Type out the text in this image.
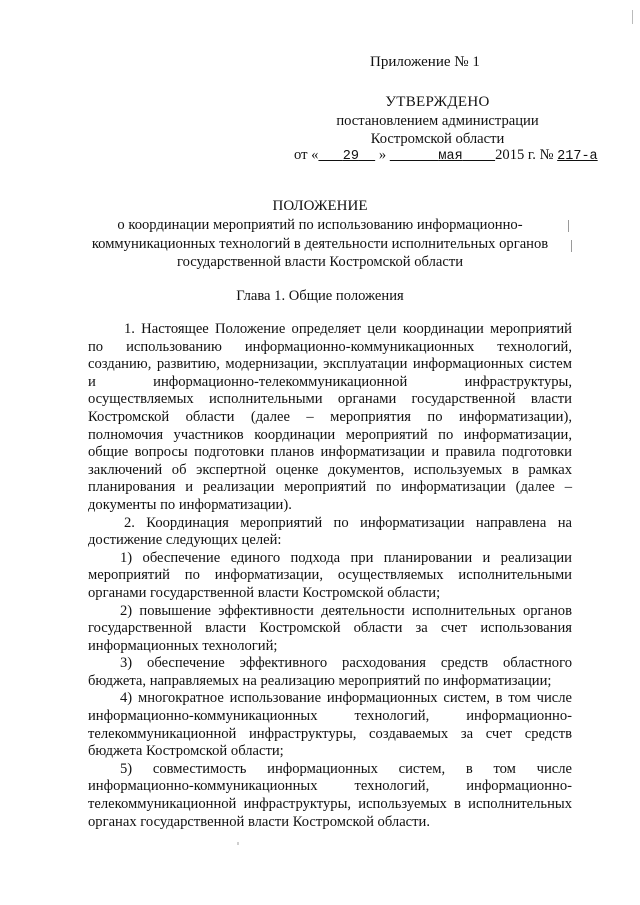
Приложение № 1
УТВЕРЖДЕНО
постановлением администрации
Костромской области
от « 29 »	мая 2015 г. № 217-а
ПОЛОЖЕНИЕ
о координации мероприятий по использованию информационно-
коммуникационных технологий в деятельности исполнительных органов
государственной власти Костромской области
Глава 1. Общие положения

1. Настоящее Положение определяет цели координации мероприятий по использованию информационно-коммуникационных технологий, созданию, развитию, модернизации, эксплуатации информационных систем и информационно-телекоммуникационной инфраструктуры, осуществляемых исполнительными органами государственной власти Костромской области (далее – мероприятия по информатизации), полномочия участников координации мероприятий по информатизации, общие вопросы подготовки планов информатизации и правила подготовки заключений об экспертной оценке документов, используемых в рамках планирования и реализации мероприятий по информатизации (далее – документы по информатизации).

2. Координация мероприятий по информатизации направлена на достижение следующих целей:

1) обеспечение единого подхода при планировании и реализации мероприятий по информатизации, осуществляемых исполнительными органами государственной власти Костромской области;

2) повышение эффективности деятельности исполнительных органов государственной власти Костромской области за счет использования информационных технологий;

3) обеспечение эффективного расходования средств областного бюджета, направляемых на реализацию мероприятий по информатизации;

4) многократное использование информационных систем, в том числе информационно-коммуникационных технологий, информационно-телекоммуникационной инфраструктуры, создаваемых за счет средств бюджета Костромской области;

5) совместимость информационных систем, в том числе информационно-коммуникационных технологий, информационно-телекоммуникационной инфраструктуры, используемых в исполнительных органах государственной власти Костромской области.
